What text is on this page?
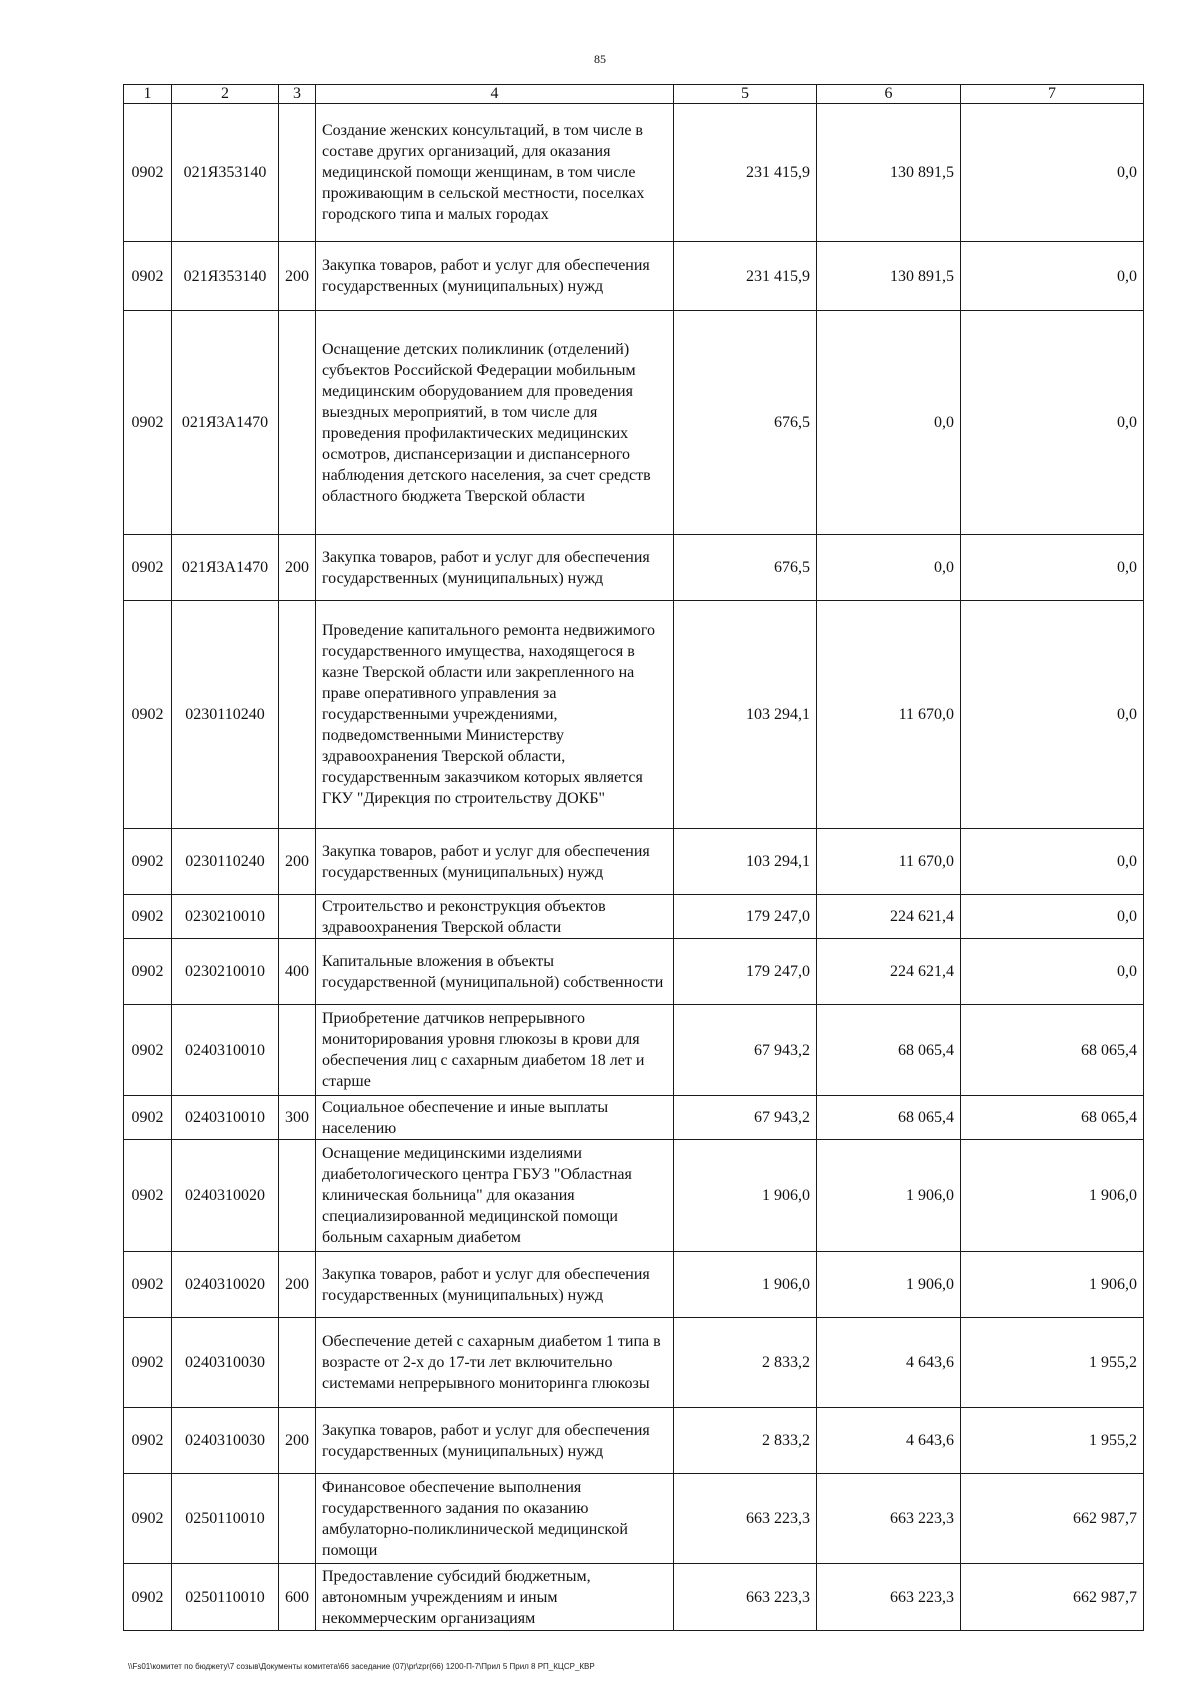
85
1	2	3	4	5	6	7
0902	021Я353140		Создание женских консультаций, в том числе в составе других организаций, для оказания медицинской помощи женщинам, в том числе проживающим в сельской местности, поселках городского типа и малых городах	231 415,9	130 891,5	0,0
0902	021Я353140	200	Закупка товаров, работ и услуг для обеспечения государственных (муниципальных) нужд	231 415,9	130 891,5	0,0
0902	021Я3А1470		Оснащение детских поликлиник (отделений) субъектов Российской Федерации мобильным медицинским оборудованием для проведения выездных мероприятий, в том числе для проведения профилактических медицинских осмотров, диспансеризации и диспансерного наблюдения детского населения, за счет средств областного бюджета Тверской области	676,5	0,0	0,0
0902	021Я3А1470	200	Закупка товаров, работ и услуг для обеспечения государственных (муниципальных) нужд	676,5	0,0	0,0
0902	0230110240		Проведение капитального ремонта недвижимого государственного имущества, находящегося в казне Тверской области или закрепленного на праве оперативного управления за государственными учреждениями, подведомственными Министерству здравоохранения Тверской области, государственным заказчиком которых является ГКУ "Дирекция по строительству ДОКБ"	103 294,1	11 670,0	0,0
0902	0230110240	200	Закупка товаров, работ и услуг для обеспечения государственных (муниципальных) нужд	103 294,1	11 670,0	0,0
0902	0230210010		Строительство и реконструкция объектов здравоохранения Тверской области	179 247,0	224 621,4	0,0
0902	0230210010	400	Капитальные вложения в объекты государственной (муниципальной) собственности	179 247,0	224 621,4	0,0
0902	0240310010		Приобретение датчиков непрерывного мониторирования уровня глюкозы в крови для обеспечения лиц с сахарным диабетом 18 лет и старше	67 943,2	68 065,4	68 065,4
0902	0240310010	300	Социальное обеспечение и иные выплаты населению	67 943,2	68 065,4	68 065,4
0902	0240310020		Оснащение медицинскими изделиями диабетологического центра ГБУЗ "Областная клиническая больница" для оказания специализированной медицинской помощи больным сахарным диабетом	1 906,0	1 906,0	1 906,0
0902	0240310020	200	Закупка товаров, работ и услуг для обеспечения государственных (муниципальных) нужд	1 906,0	1 906,0	1 906,0
0902	0240310030		Обеспечение детей с сахарным диабетом 1 типа в возрасте от 2-х до 17-ти лет включительно системами непрерывного мониторинга глюкозы	2 833,2	4 643,6	1 955,2
0902	0240310030	200	Закупка товаров, работ и услуг для обеспечения государственных (муниципальных) нужд	2 833,2	4 643,6	1 955,2
0902	0250110010		Финансовое обеспечение выполнения государственного задания по оказанию амбулаторно-поликлинической медицинской помощи	663 223,3	663 223,3	662 987,7
0902	0250110010	600	Предоставление субсидий бюджетным, автономным учреждениям и иным некоммерческим организациям	663 223,3	663 223,3	662 987,7
\\Fs01\комитет по бюджету\7 созыв\Документы комитета\66 заседание (07)\pr\zpr(66) 1200-П-7\Прил 5 Прил 8 РП_КЦСР_КВР
